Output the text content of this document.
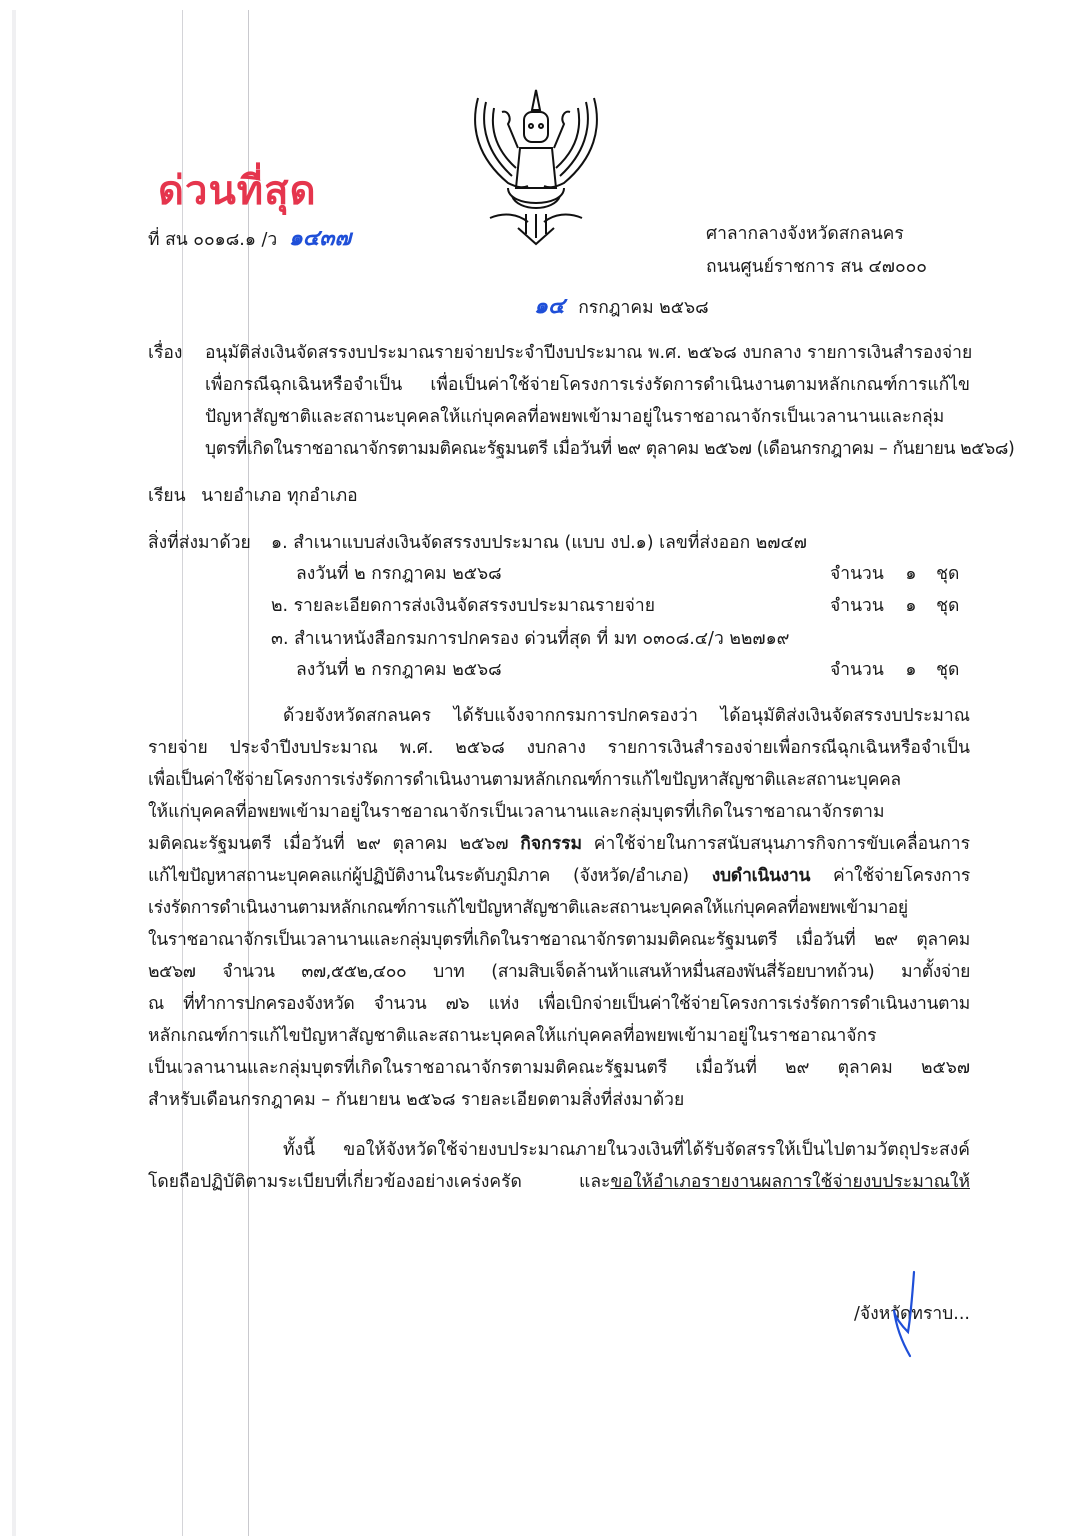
ด่วนที่สุด
ที่ สน ๐๐๑๘.๑ /ว ๑๔๓๗	ศาลากลางจังหวัดสกลนคร
ถนนศูนย์ราชการ สน ๔๗๐๐๐
๑๔ กรกฎาคม ๒๕๖๘
เรื่อง อนุมัติส่งเงินจัดสรรงบประมาณรายจ่ายประจำปีงบประมาณ พ.ศ. ๒๕๖๘ งบกลาง รายการเงินสำรองจ่าย
เพื่อกรณีฉุกเฉินหรือจำเป็น เพื่อเป็นค่าใช้จ่ายโครงการเร่งรัดการดำเนินงานตามหลักเกณฑ์การแก้ไข
ปัญหาสัญชาติและสถานะบุคคลให้แก่บุคคลที่อพยพเข้ามาอยู่ในราชอาณาจักรเป็นเวลานานและกลุ่ม
บุตรที่เกิดในราชอาณาจักรตามมติคณะรัฐมนตรี เมื่อวันที่ ๒๙ ตุลาคม ๒๕๖๗ (เดือนกรกฎาคม – กันยายน ๒๕๖๘)
เรียน นายอำเภอ ทุกอำเภอ
สิ่งที่ส่งมาด้วย ๑. สำเนาแบบส่งเงินจัดสรรงบประมาณ (แบบ งป.๑) เลขที่ส่งออก ๒๗๔๗
ลงวันที่ ๒ กรกฎาคม ๒๕๖๘	จำนวน ๑ ชุด
๒. รายละเอียดการส่งเงินจัดสรรงบประมาณรายจ่าย	จำนวน ๑ ชุด
๓. สำเนาหนังสือกรมการปกครอง ด่วนที่สุด ที่ มท ๐๓๐๘.๔/ว ๒๒๗๑๙
ลงวันที่ ๒ กรกฎาคม ๒๕๖๘	จำนวน ๑ ชุด
ด้วยจังหวัดสกลนคร ได้รับแจ้งจากกรมการปกครองว่า ได้อนุมัติส่งเงินจัดสรรงบประมาณ
รายจ่าย ประจำปีงบประมาณ พ.ศ. ๒๕๖๘ งบกลาง รายการเงินสำรองจ่ายเพื่อกรณีฉุกเฉินหรือจำเป็น
เพื่อเป็นค่าใช้จ่ายโครงการเร่งรัดการดำเนินงานตามหลักเกณฑ์การแก้ไขปัญหาสัญชาติและสถานะบุคคล
ให้แก่บุคคลที่อพยพเข้ามาอยู่ในราชอาณาจักรเป็นเวลานานและกลุ่มบุตรที่เกิดในราชอาณาจักรตาม
มติคณะรัฐมนตรี เมื่อวันที่ ๒๙ ตุลาคม ๒๕๖๗ กิจกรรม ค่าใช้จ่ายในการสนับสนุนภารกิจการขับเคลื่อนการ
แก้ไขปัญหาสถานะบุคคลแก่ผู้ปฏิบัติงานในระดับภูมิภาค (จังหวัด/อำเภอ) งบดำเนินงาน ค่าใช้จ่ายโครงการ
เร่งรัดการดำเนินงานตามหลักเกณฑ์การแก้ไขปัญหาสัญชาติและสถานะบุคคลให้แก่บุคคลที่อพยพเข้ามาอยู่
ในราชอาณาจักรเป็นเวลานานและกลุ่มบุตรที่เกิดในราชอาณาจักรตามมติคณะรัฐมนตรี เมื่อวันที่ ๒๙ ตุลาคม
๒๕๖๗ จำนวน ๓๗,๕๕๒,๔๐๐ บาท (สามสิบเจ็ดล้านห้าแสนห้าหมื่นสองพันสี่ร้อยบาทถ้วน) มาตั้งจ่าย
ณ ที่ทำการปกครองจังหวัด จำนวน ๗๖ แห่ง เพื่อเบิกจ่ายเป็นค่าใช้จ่ายโครงการเร่งรัดการดำเนินงานตาม
หลักเกณฑ์การแก้ไขปัญหาสัญชาติและสถานะบุคคลให้แก่บุคคลที่อพยพเข้ามาอยู่ในราชอาณาจักร
เป็นเวลานานและกลุ่มบุตรที่เกิดในราชอาณาจักรตามมติคณะรัฐมนตรี เมื่อวันที่ ๒๙ ตุลาคม ๒๕๖๗
สำหรับเดือนกรกฎาคม – กันยายน ๒๕๖๘ รายละเอียดตามสิ่งที่ส่งมาด้วย
ทั้งนี้ ขอให้จังหวัดใช้จ่ายงบประมาณภายในวงเงินที่ได้รับจัดสรรให้เป็นไปตามวัตถุประสงค์
โดยถือปฏิบัติตามระเบียบที่เกี่ยวข้องอย่างเคร่งครัด และขอให้อำเภอรายงานผลการใช้จ่ายงบประมาณให้
/จังหวัดทราบ...
